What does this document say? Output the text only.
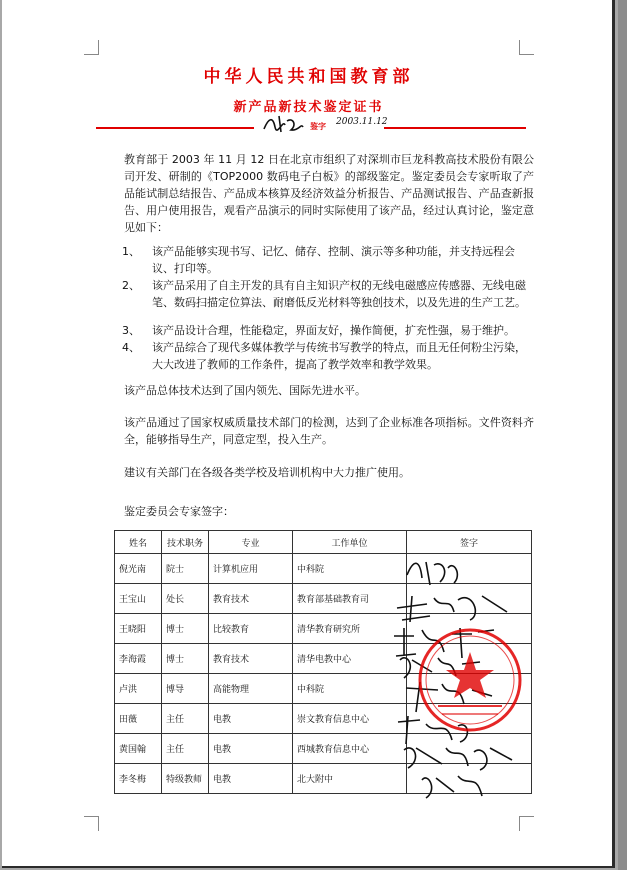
中华人民共和国教育部
新产品新技术鉴定证书
鉴字 2003.11.12
教育部于 2003 年 11 月 12 日在北京市组织了对深圳市巨龙科教高技术股份有限公司开发、研制的《TOP2000 数码电子白板》的部级鉴定。鉴定委员会专家听取了产品能试制总结报告、产品成本核算及经济效益分析报告、产品测试报告、产品查新报告、用户使用报告，观看产品演示的同时实际使用了该产品，经过认真讨论，鉴定意见如下：
1、 该产品能够实现书写、记忆、储存、控制、演示等多种功能，并支持远程会议、打印等。
2、 该产品采用了自主开发的具有自主知识产权的无线电磁感应传感器、无线电磁笔、数码扫描定位算法、耐磨低反光材料等独创技术，以及先进的生产工艺。
3、 该产品设计合理，性能稳定，界面友好，操作简便，扩充性强，易于维护。
4、 该产品综合了现代多媒体教学与传统书写教学的特点，而且无任何粉尘污染，大大改进了教师的工作条件，提高了教学效率和教学效果。
该产品总体技术达到了国内领先、国际先进水平。
该产品通过了国家权威质量技术部门的检测，达到了企业标准各项指标。文件资料齐全，能够指导生产，同意定型，投入生产。
建议有关部门在各级各类学校及培训机构中大力推广使用。
鉴定委员会专家签字：
姓名	技术职务	专业	工作单位	签字
倪光南	院士	计算机应用	中科院	
王宝山	处长	教育技术	教育部基础教育司	
王晓阳	博士	比较教育	清华教育研究所	
李海霞	博士	教育技术	清华电教中心	
卢洪	博导	高能物理	中科院	
田薇	主任	电教	崇文教育信息中心	
黄国翰	主任	电教	西城教育信息中心	
李冬梅	特级教师	电教	北大附中	
